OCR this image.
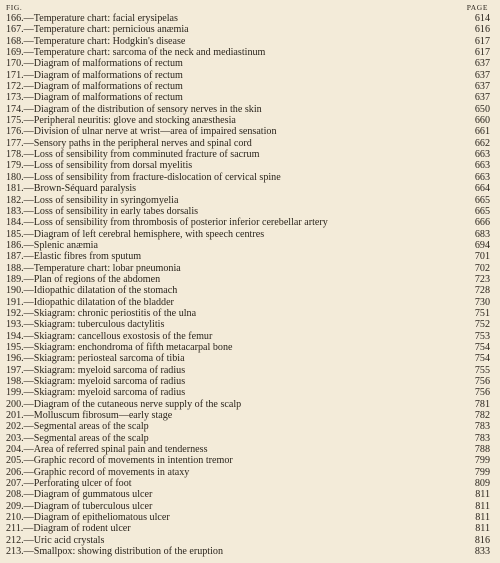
FIG.	PAGE
166.—Temperature chart: facial erysipelas	614
167.—Temperature chart: pernicious anæmia	616
168.—Temperature chart: Hodgkin's disease	617
169.—Temperature chart: sarcoma of the neck and mediastinum	617
170.—Diagram of malformations of rectum	637
171.—Diagram of malformations of rectum	637
172.—Diagram of malformations of rectum	637
173.—Diagram of malformations of rectum	637
174.—Diagram of the distribution of sensory nerves in the skin	650
175.—Peripheral neuritis: glove and stocking anæsthesia	660
176.—Division of ulnar nerve at wrist—area of impaired sensation	661
177.—Sensory paths in the peripheral nerves and spinal cord	662
178.—Loss of sensibility from comminuted fracture of sacrum	663
179.—Loss of sensibility from dorsal myelitis	663
180.—Loss of sensibility from fracture-dislocation of cervical spine	663
181.—Brown-Séquard paralysis	664
182.—Loss of sensibility in syringomyelia	665
183.—Loss of sensibility in early tabes dorsalis	665
184.—Loss of sensibility from thrombosis of posterior inferior cerebellar artery	666
185.—Diagram of left cerebral hemisphere, with speech centres	683
186.—Splenic anæmia	694
187.—Elastic fibres from sputum	701
188.—Temperature chart: lobar pneumonia	702
189.—Plan of regions of the abdomen	723
190.—Idiopathic dilatation of the stomach	728
191.—Idiopathic dilatation of the bladder	730
192.—Skiagram: chronic periostitis of the ulna	751
193.—Skiagram: tuberculous dactylitis	752
194.—Skiagram: cancellous exostosis of the femur	753
195.—Skiagram: enchondroma of fifth metacarpal bone	754
196.—Skiagram: periosteal sarcoma of tibia	754
197.—Skiagram: myeloid sarcoma of radius	755
198.—Skiagram: myeloid sarcoma of radius	756
199.—Skiagram: myeloid sarcoma of radius	756
200.—Diagram of the cutaneous nerve supply of the scalp	781
201.—Molluscum fibrosum—early stage	782
202.—Segmental areas of the scalp	783
203.—Segmental areas of the scalp	783
204.—Area of referred spinal pain and tenderness	788
205.—Graphic record of movements in intention tremor	799
206.—Graphic record of movements in ataxy	799
207.—Perforating ulcer of foot	809
208.—Diagram of gummatous ulcer	811
209.—Diagram of tuberculous ulcer	811
210.—Diagram of epitheliomatous ulcer	811
211.—Diagram of rodent ulcer	811
212.—Uric acid crystals	816
213.—Smallpox: showing distribution of the eruption	833
